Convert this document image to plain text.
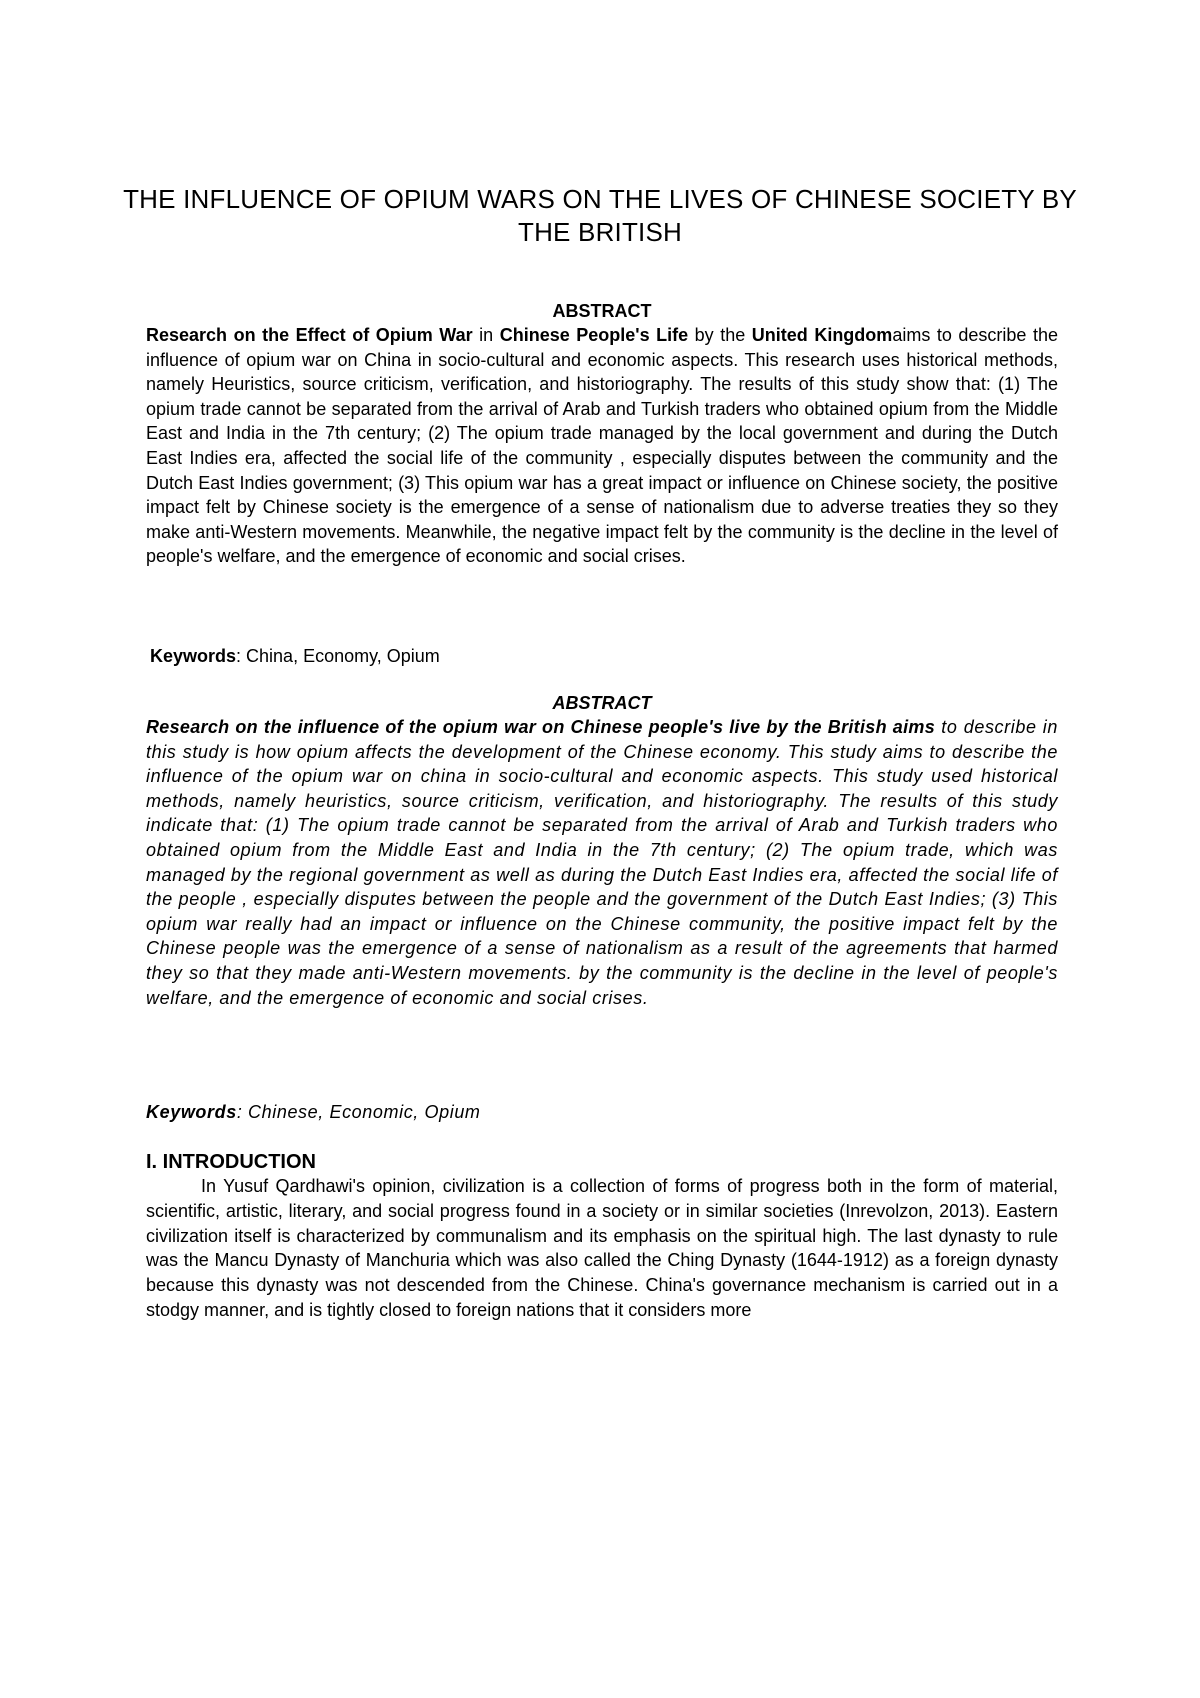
THE INFLUENCE OF OPIUM WARS ON THE LIVES OF CHINESE SOCIETY BY THE BRITISH
ABSTRACT

Research on the Effect of Opium War in Chinese People's Life by the United Kingdomaims to describe the influence of opium war on China in socio-cultural and economic aspects. This research uses historical methods, namely Heuristics, source criticism, verification, and historiography. The results of this study show that: (1) The opium trade cannot be separated from the arrival of Arab and Turkish traders who obtained opium from the Middle East and India in the 7th century; (2) The opium trade managed by the local government and during the Dutch East Indies era, affected the social life of the community , especially disputes between the community and the Dutch East Indies government; (3) This opium war has a great impact or influence on Chinese society, the positive impact felt by Chinese society is the emergence of a sense of nationalism due to adverse treaties they so they make anti-Western movements. Meanwhile, the negative impact felt by the community is the decline in the level of people's welfare, and the emergence of economic and social crises.

Keywords: China, Economy, Opium

ABSTRACT

Research on the influence of the opium war on Chinese people's live by the British aims to describe in this study is how opium affects the development of the Chinese economy. This study aims to describe the influence of the opium war on china in socio-cultural and economic aspects. This study used historical methods, namely heuristics, source criticism, verification, and historiography. The results of this study indicate that: (1) The opium trade cannot be separated from the arrival of Arab and Turkish traders who obtained opium from the Middle East and India in the 7th century; (2) The opium trade, which was managed by the regional government as well as during the Dutch East Indies era, affected the social life of the people , especially disputes between the people and the government of the Dutch East Indies; (3) This opium war really had an impact or influence on the Chinese community, the positive impact felt by the Chinese people was the emergence of a sense of nationalism as a result of the agreements that harmed they so that they made anti-Western movements. by the community is the decline in the level of people's welfare, and the emergence of economic and social crises.

Keywords: Chinese, Economic, Opium

I. INTRODUCTION

In Yusuf Qardhawi's opinion, civilization is a collection of forms of progress both in the form of material, scientific, artistic, literary, and social progress found in a society or in similar societies (Inrevolzon, 2013). Eastern civilization itself is characterized by communalism and its emphasis on the spiritual high. The last dynasty to rule was the Mancu Dynasty of Manchuria which was also called the Ching Dynasty (1644-1912) as a foreign dynasty because this dynasty was not descended from the Chinese. China's governance mechanism is carried out in a stodgy manner, and is tightly closed to foreign nations that it considers more
